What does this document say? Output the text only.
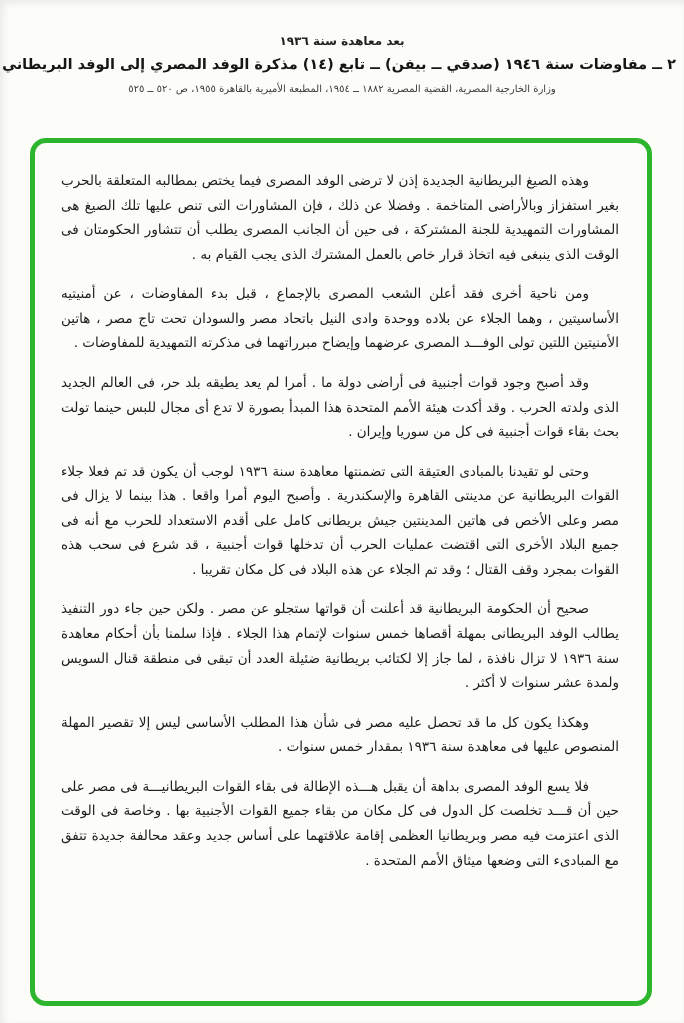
بعد معاهدة سنة ١٩٣٦
٢ ــ مفاوضات سنة ١٩٤٦ (صدقي ــ بيفن) ــ تابع (١٤) مذكرة الوفد المصري إلى الوفد البريطاني
وزارة الخارجية المصرية، القضية المصرية ١٨٨٢ ــ ١٩٥٤، المطبعة الأميرية بالقاهرة ١٩٥٥، ص ٥٢٠ ــ ٥٢٥

وهذه الصيغ البريطانية الجديدة إذن لا ترضى الوفد المصرى فيما يختص بمطالبه المتعلقة بالحرب بغير استفزاز وبالأراضى المتاخمة . وفضلا عن ذلك ، فإن المشاورات التى تنص عليها تلك الصيغ هى المشاورات التمهيدية للجنة المشتركة ، فى حين أن الجانب المصرى يطلب أن تتشاور الحكومتان فى الوقت الذى ينبغى فيه اتخاذ قرار خاص بالعمل المشترك الذى يجب القيام به .

ومن ناحية أخرى فقد أعلن الشعب المصرى بالإجماع ، قبل بدء المفاوضات ، عن أمنيتيه الأساسيتين ، وهما الجلاء عن بلاده ووحدة وادى النيل باتحاد مصر والسودان تحت تاج مصر ، هاتين الأمنيتين اللتين تولى الوفـــد المصرى عرضهما وإيضاح مبرراتهما فى مذكرته التمهيدية للمفاوضات .

وقد أصبح وجود قوات أجنبية فى أراضى دولة ما . أمرا لم يعد يطيقه بلد حر، فى العالم الجديد الذى ولدته الحرب . وقد أكدت هيئة الأمم المتحدة هذا المبدأ بصورة لا تدع أى مجال للبس حينما تولت بحث بقاء قوات أجنبية فى كل من سوريا وإيران .

وحتى لو تقيدنا بالمبادى العتيقة التى تضمنتها معاهدة سنة ١٩٣٦ لوجب أن يكون قد تم فعلا جلاء القوات البريطانية عن مدينتى القاهرة والإسكندرية . وأصبح اليوم أمرا واقعا . هذا بينما لا يزال فى مصر وعلى الأخص فى هاتين المدينتين جيش بريطانى كامل على أقدم الاستعداد للحرب مع أنه فى جميع البلاد الأخرى التى اقتضت عمليات الحرب أن تدخلها قوات أجنبية ، قد شرع فى سحب هذه القوات بمجرد وقف القتال ؛ وقد تم الجلاء عن هذه البلاد فى كل مكان تقريبا .

صحيح أن الحكومة البريطانية قد أعلنت أن قواتها ستجلو عن مصر . ولكن حين جاء دور التنفيذ يطالب الوفد البريطانى بمهلة أقصاها خمس سنوات لإتمام هذا الجلاء . فإذا سلمنا بأن أحكام معاهدة سنة ١٩٣٦ لا تزال نافذة ، لما جاز إلا لكتائب بريطانية ضئيلة العدد أن تبقى فى منطقة قنال السويس ولمدة عشر سنوات لا أكثر .

وهكذا يكون كل ما قد تحصل عليه مصر فى شأن هذا المطلب الأساسى ليس إلا تقصير المهلة المنصوص عليها فى معاهدة سنة ١٩٣٦ بمقدار خمس سنوات .

فلا يسع الوفد المصرى بداهة أن يقبل هـــذه الإطالة فى بقاء القوات البريطانيـــة فى مصر على حين أن قـــد تخلصت كل الدول فى كل مكان من بقاء جميع القوات الأجنبية بها . وخاصة فى الوقت الذى اعتزمت فيه مصر وبريطانيا العظمى إقامة علاقتهما على أساس جديد وعقد محالفة جديدة تتفق مع المبادىء التى وضعها ميثاق الأمم المتحدة .
